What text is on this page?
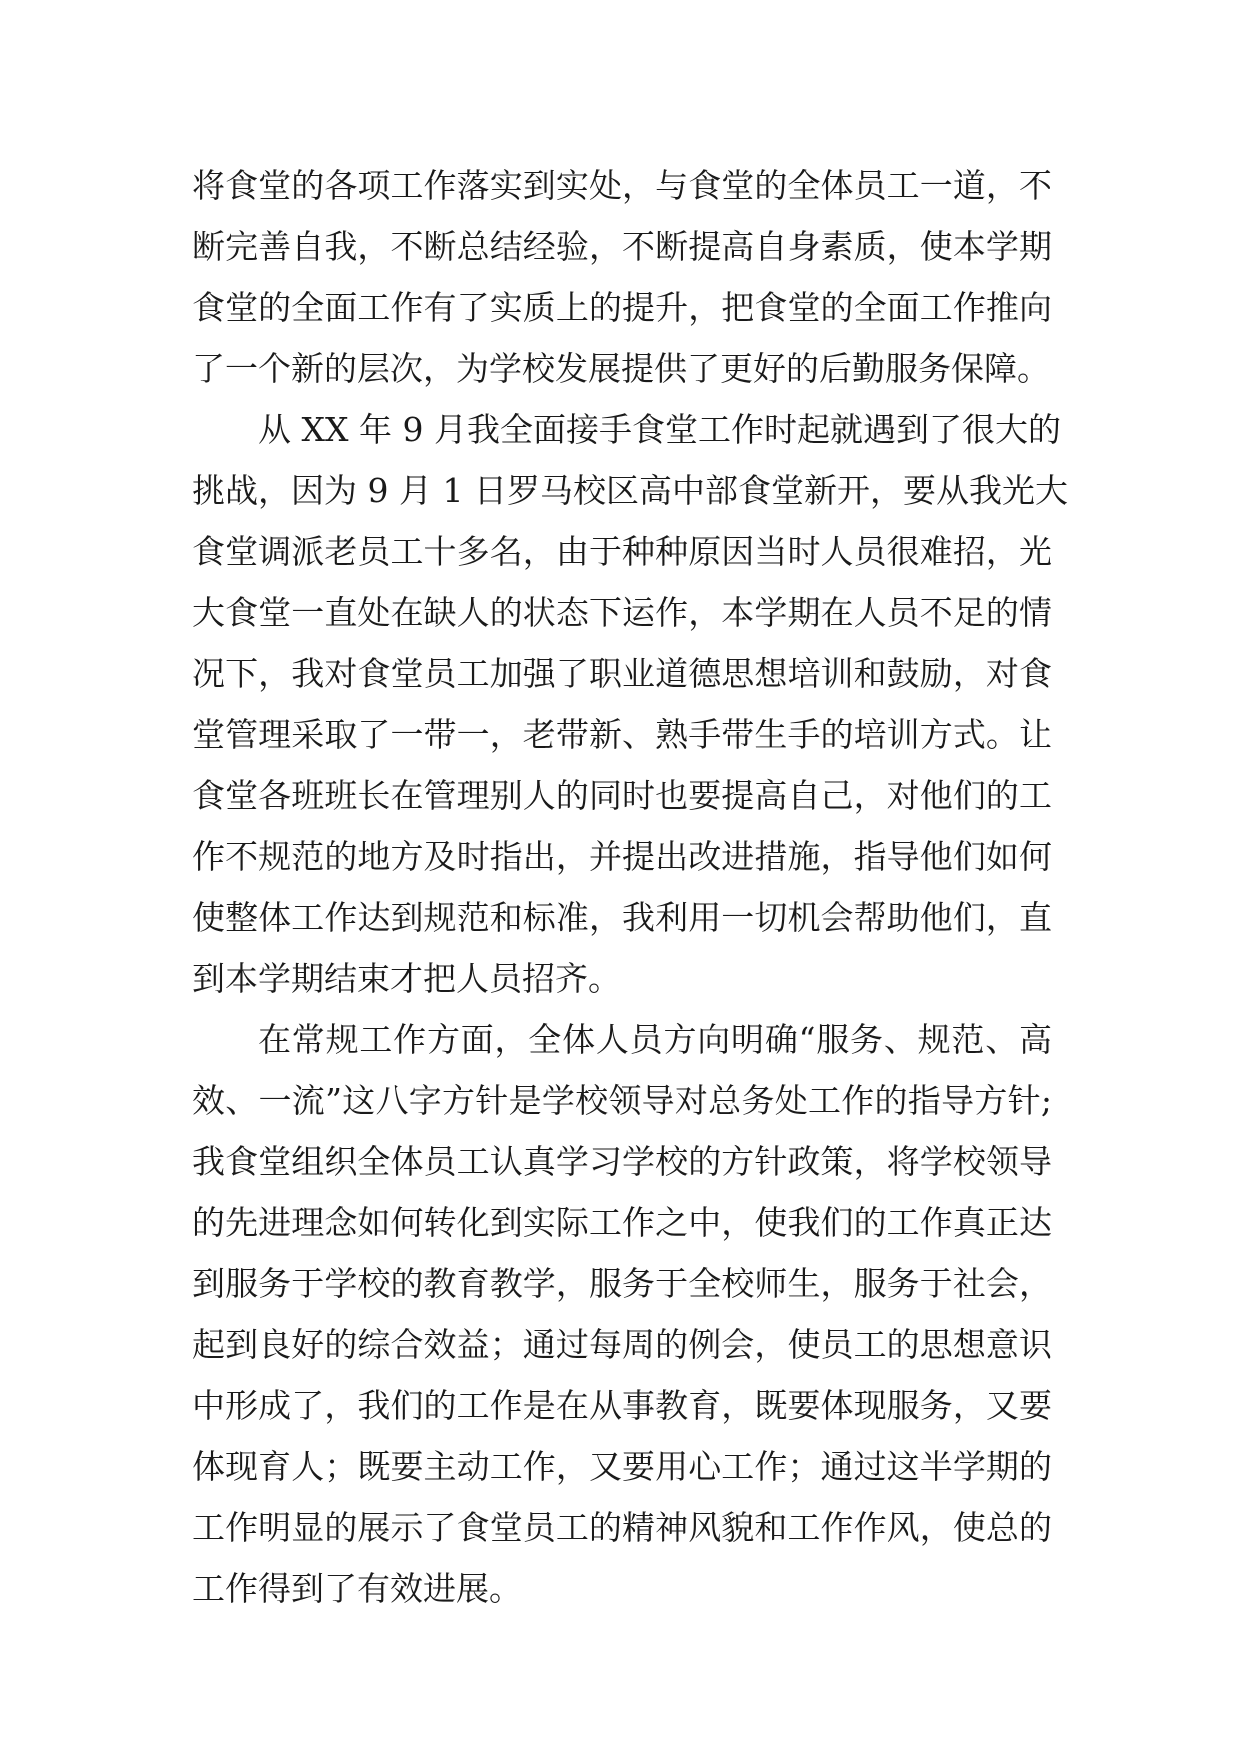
将食堂的各项工作落实到实处，与食堂的全体员工一道，不
断完善自我，不断总结经验，不断提高自身素质，使本学期
食堂的全面工作有了实质上的提升，把食堂的全面工作推向
了一个新的层次，为学校发展提供了更好的后勤服务保障。
从 XX 年 9 月我全面接手食堂工作时起就遇到了很大的
挑战，因为 9 月 1 日罗马校区高中部食堂新开，要从我光大
食堂调派老员工十多名，由于种种原因当时人员很难招，光
大食堂一直处在缺人的状态下运作，本学期在人员不足的情
况下，我对食堂员工加强了职业道德思想培训和鼓励，对食
堂管理采取了一带一，老带新、熟手带生手的培训方式。让
食堂各班班长在管理别人的同时也要提高自己，对他们的工
作不规范的地方及时指出，并提出改进措施，指导他们如何
使整体工作达到规范和标准，我利用一切机会帮助他们，直
到本学期结束才把人员招齐。
在常规工作方面，全体人员方向明确“服务、规范、高
效、一流”这八字方针是学校领导对总务处工作的指导方针;
我食堂组织全体员工认真学习学校的方针政策，将学校领导
的先进理念如何转化到实际工作之中，使我们的工作真正达
到服务于学校的教育教学，服务于全校师生，服务于社会，
起到良好的综合效益；通过每周的例会，使员工的思想意识
中形成了，我们的工作是在从事教育，既要体现服务，又要
体现育人；既要主动工作，又要用心工作；通过这半学期的
工作明显的展示了食堂员工的精神风貌和工作作风，使总的
工作得到了有效进展。
